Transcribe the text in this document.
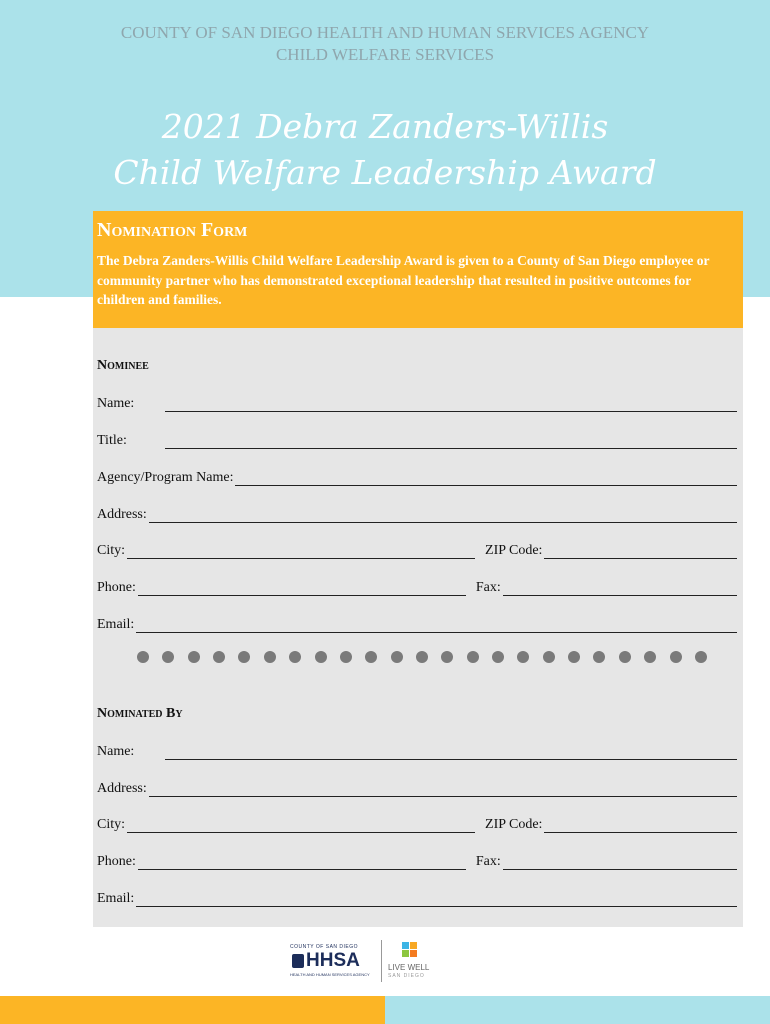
COUNTY OF SAN DIEGO HEALTH AND HUMAN SERVICES AGENCY
CHILD WELFARE SERVICES
2021 Debra Zanders-Willis
Child Welfare Leadership Award
Nomination Form
The Debra Zanders-Willis Child Welfare Leadership Award is given to a County of San Diego employee or community partner who has demonstrated exceptional leadership that resulted in positive outcomes for children and families.
Nominee
Name:
Title:
Agency/Program Name:
Address:
City:	ZIP Code:
Phone:	Fax:
Email:
Nominated By
Name:
Address:
City:	ZIP Code:
Phone:	Fax:
Email:
COUNTY OF SAN DIEGO
HHSA
HEALTH AND HUMAN SERVICES AGENCY
LIVE WELL
SAN DIEGO
